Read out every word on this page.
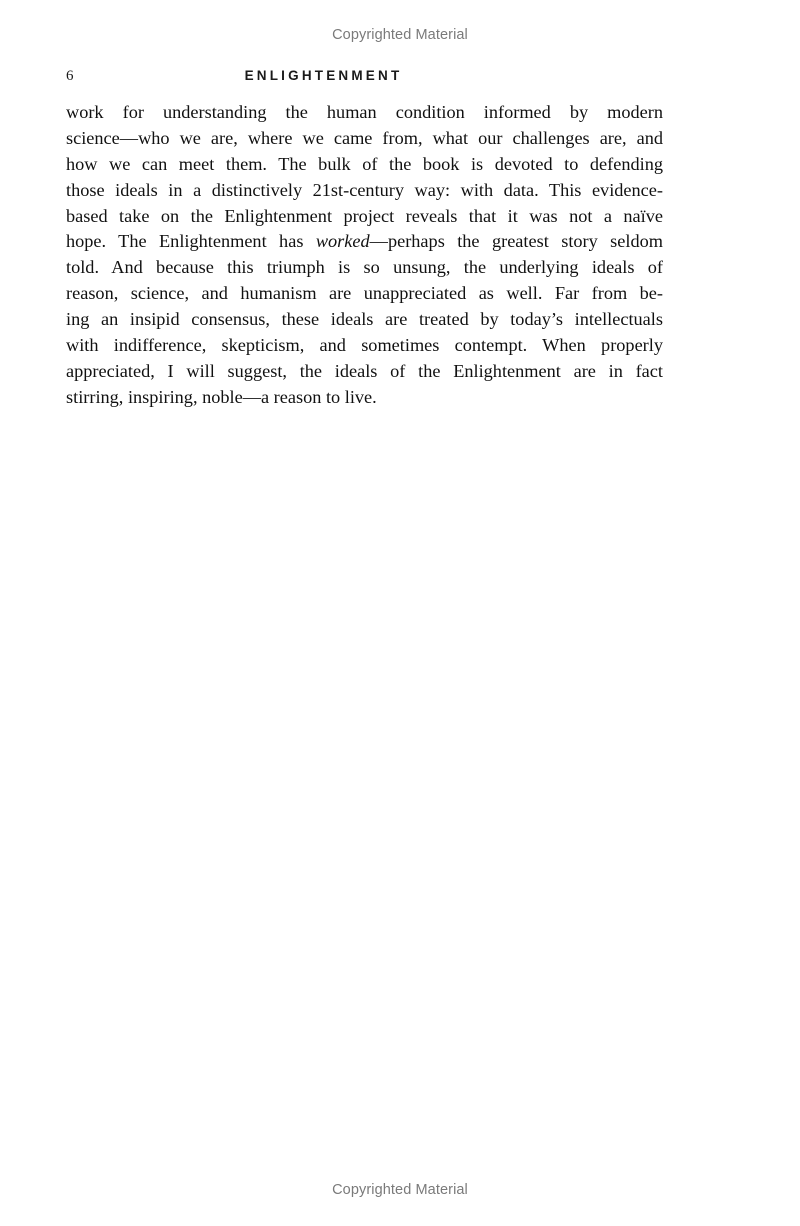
Copyrighted Material
6	ENLIGHTENMENT
work for understanding the human condition informed by modern
science—who we are, where we came from, what our challenges are, and
how we can meet them. The bulk of the book is devoted to defending
those ideals in a distinctively 21st-century way: with data. This evidence-
based take on the Enlightenment project reveals that it was not a naïve
hope. The Enlightenment has worked—perhaps the greatest story seldom
told. And because this triumph is so unsung, the underlying ideals of
reason, science, and humanism are unappreciated as well. Far from be-
ing an insipid consensus, these ideals are treated by today’s intellectuals
with indifference, skepticism, and sometimes contempt. When properly
appreciated, I will suggest, the ideals of the Enlightenment are in fact
stirring, inspiring, noble—a reason to live.
Copyrighted Material
